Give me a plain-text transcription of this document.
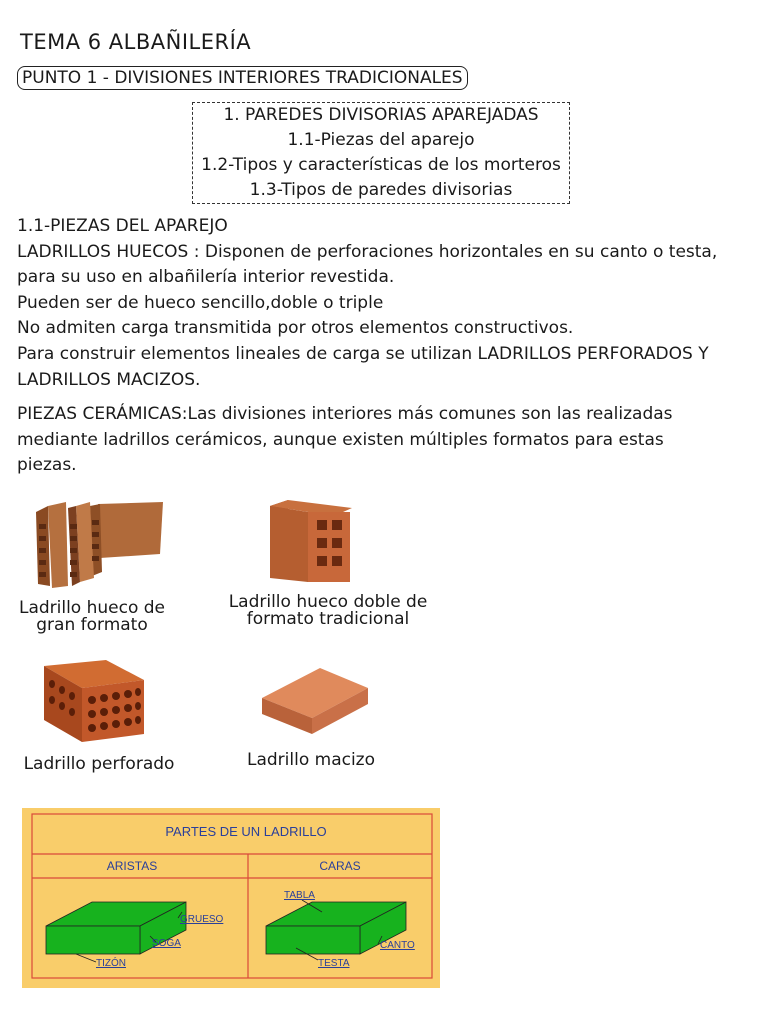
TEMA 6 ALBAÑILERÍA
PUNTO 1 - DIVISIONES INTERIORES TRADICIONALES
1. PAREDES DIVISORIAS APAREJADAS
1.1-Piezas del aparejo
1.2-Tipos y características de los morteros
1.3-Tipos de paredes divisorias
1.1-PIEZAS DEL APAREJO
LADRILLOS HUECOS : Disponen de perforaciones horizontales en su canto o testa,
para su uso en albañilería interior revestida.
Pueden ser de hueco sencillo,doble o triple
No admiten carga transmitida por otros elementos constructivos.
Para construir elementos lineales de carga se utilizan LADRILLOS PERFORADOS Y
LADRILLOS MACIZOS.
PIEZAS CERÁMICAS:Las divisiones interiores más comunes son las realizadas
mediante ladrillos cerámicos, aunque existen múltiples formatos para estas
piezas.
Ladrillo hueco de
gran formato
Ladrillo hueco doble de
formato tradicional
Ladrillo perforado	Ladrillo macizo
PARTES DE UN LADRILLO
ARISTAS	CARAS
GRUESO
SOGA
TIZÓN
TABLA
CANTO
TESTA
